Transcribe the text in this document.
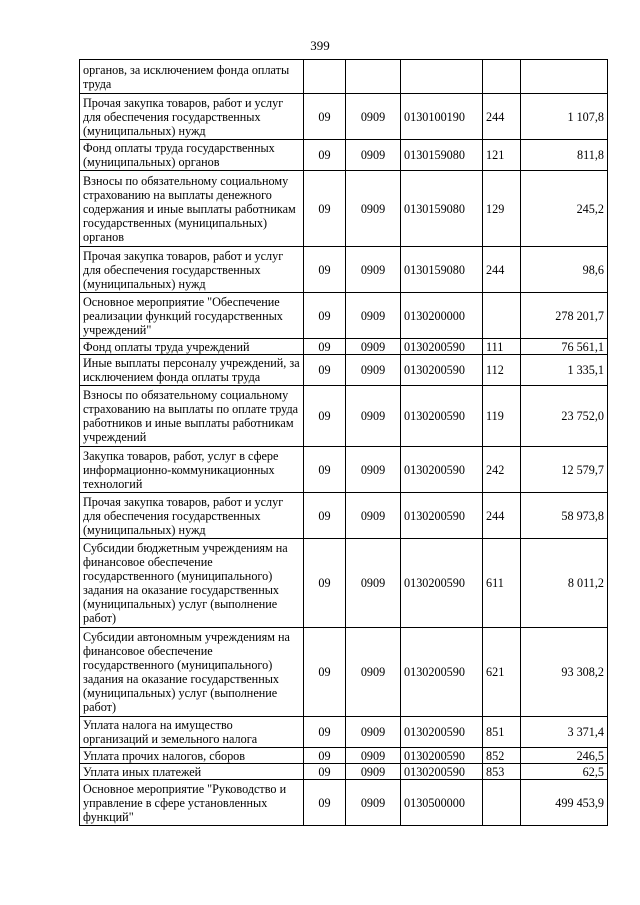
399
органов, за исключением фонда оплаты труда					
Прочая закупка товаров, работ и услуг для обеспечения государственных (муниципальных) нужд	09	0909	0130100190	244	1 107,8
Фонд оплаты труда государственных (муниципальных) органов	09	0909	0130159080	121	811,8
Взносы по обязательному социальному страхованию на выплаты денежного содержания и иные выплаты работникам государственных (муниципальных) органов	09	0909	0130159080	129	245,2
Прочая закупка товаров, работ и услуг для обеспечения государственных (муниципальных) нужд	09	0909	0130159080	244	98,6
Основное мероприятие "Обеспечение реализации функций государственных учреждений"	09	0909	0130200000		278 201,7
Фонд оплаты труда учреждений	09	0909	0130200590	111	76 561,1
Иные выплаты персоналу учреждений, за исключением фонда оплаты труда	09	0909	0130200590	112	1 335,1
Взносы по обязательному социальному страхованию на выплаты по оплате труда работников и иные выплаты работникам учреждений	09	0909	0130200590	119	23 752,0
Закупка товаров, работ, услуг в сфере информационно-коммуникационных технологий	09	0909	0130200590	242	12 579,7
Прочая закупка товаров, работ и услуг для обеспечения государственных (муниципальных) нужд	09	0909	0130200590	244	58 973,8
Субсидии бюджетным учреждениям на финансовое обеспечение государственного (муниципального) задания на оказание государственных (муниципальных) услуг (выполнение работ)	09	0909	0130200590	611	8 011,2
Субсидии автономным учреждениям на финансовое обеспечение государственного (муниципального) задания на оказание государственных (муниципальных) услуг (выполнение работ)	09	0909	0130200590	621	93 308,2
Уплата налога на имущество организаций и земельного налога	09	0909	0130200590	851	3 371,4
Уплата прочих налогов, сборов	09	0909	0130200590	852	246,5
Уплата иных платежей	09	0909	0130200590	853	62,5
Основное мероприятие "Руководство и управление в сфере установленных функций"	09	0909	0130500000		499 453,9
